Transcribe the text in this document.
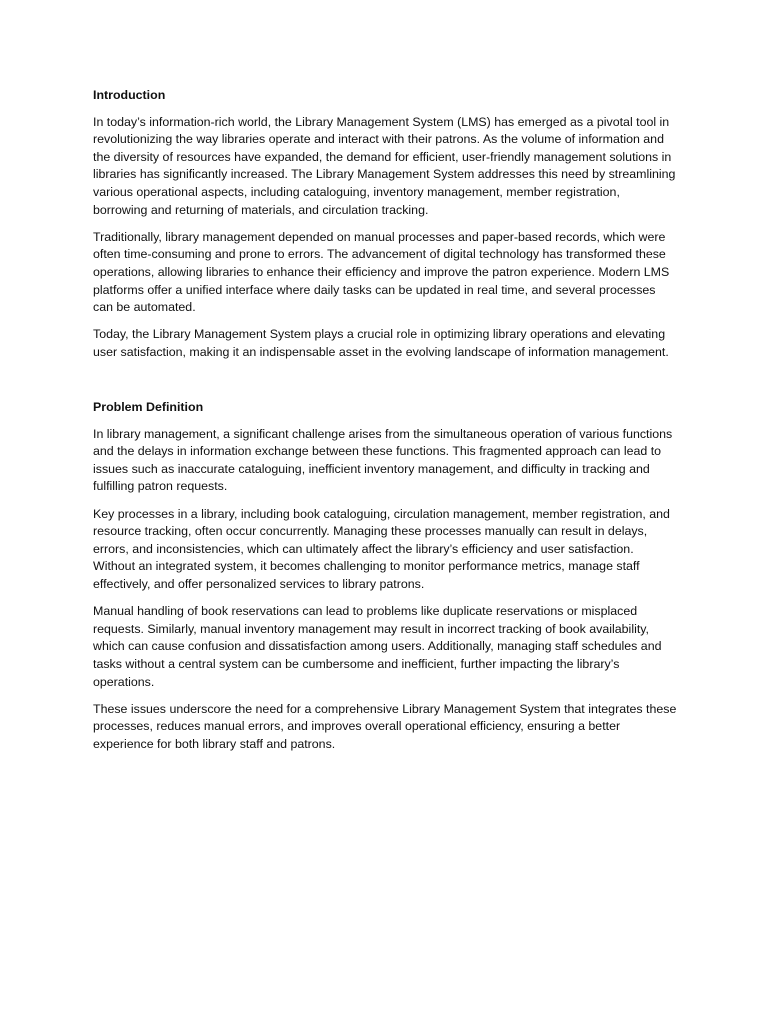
Introduction

In today’s information-rich world, the Library Management System (LMS) has emerged as a pivotal tool in revolutionizing the way libraries operate and interact with their patrons. As the volume of information and the diversity of resources have expanded, the demand for efficient, user-friendly management solutions in libraries has significantly increased. The Library Management System addresses this need by streamlining various operational aspects, including cataloguing, inventory management, member registration, borrowing and returning of materials, and circulation tracking.

Traditionally, library management depended on manual processes and paper-based records, which were often time-consuming and prone to errors. The advancement of digital technology has transformed these operations, allowing libraries to enhance their efficiency and improve the patron experience. Modern LMS platforms offer a unified interface where daily tasks can be updated in real time, and several processes can be automated.

Today, the Library Management System plays a crucial role in optimizing library operations and elevating user satisfaction, making it an indispensable asset in the evolving landscape of information management.

Problem Definition

In library management, a significant challenge arises from the simultaneous operation of various functions and the delays in information exchange between these functions. This fragmented approach can lead to issues such as inaccurate cataloguing, inefficient inventory management, and difficulty in tracking and fulfilling patron requests.

Key processes in a library, including book cataloguing, circulation management, member registration, and resource tracking, often occur concurrently. Managing these processes manually can result in delays, errors, and inconsistencies, which can ultimately affect the library’s efficiency and user satisfaction. Without an integrated system, it becomes challenging to monitor performance metrics, manage staff effectively, and offer personalized services to library patrons.

Manual handling of book reservations can lead to problems like duplicate reservations or misplaced requests. Similarly, manual inventory management may result in incorrect tracking of book availability, which can cause confusion and dissatisfaction among users. Additionally, managing staff schedules and tasks without a central system can be cumbersome and inefficient, further impacting the library’s operations.

These issues underscore the need for a comprehensive Library Management System that integrates these processes, reduces manual errors, and improves overall operational efficiency, ensuring a better experience for both library staff and patrons.
